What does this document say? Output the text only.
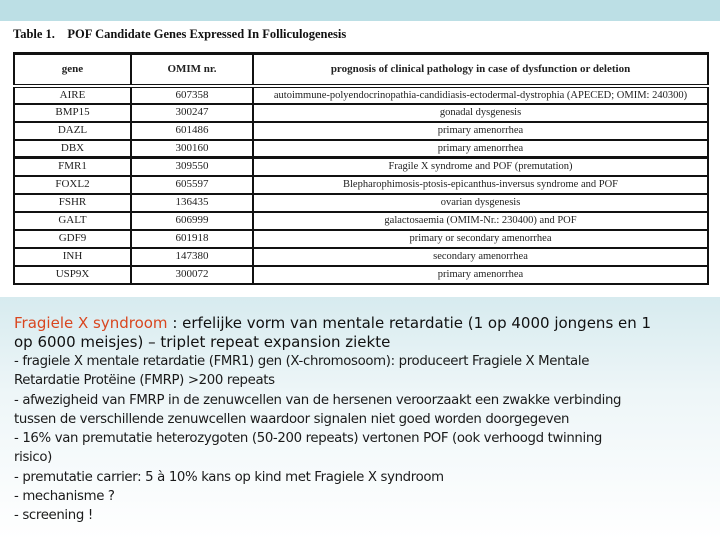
Table 1.    POF Candidate Genes Expressed In Folliculogenesis
gene	OMIM nr.	prognosis of clinical pathology in case of dysfunction or deletion
AIRE	607358	autoimmune-polyendocrinopathia-candidiasis-ectodermal-dystrophia (APECED; OMIM: 240300)
BMP15	300247	gonadal dysgenesis
DAZL	601486	primary amenorrhea
DBX	300160	primary amenorrhea
FMR1	309550	Fragile X syndrome and POF (premutation)
FOXL2	605597	Blepharophimosis-ptosis-epicanthus-inversus syndrome and POF
FSHR	136435	ovarian dysgenesis
GALT	606999	galactosaemia (OMIM-Nr.: 230400) and POF
GDF9	601918	primary or secondary amenorrhea
INH	147380	secondary amenorrhea
USP9X	300072	primary amenorrhea
Fragiele X syndroom : erfelijke vorm van mentale retardatie (1 op 4000 jongens en 1
op 6000 meisjes) – triplet repeat expansion ziekte
- fragiele X mentale retardatie (FMR1) gen (X-chromosoom): produceert Fragiele X Mentale
Retardatie Protëine (FMRP) >200 repeats
- afwezigheid van FMRP in de zenuwcellen van de hersenen veroorzaakt een zwakke verbinding
tussen de verschillende zenuwcellen waardoor signalen niet goed worden doorgegeven
- 16% van premutatie heterozygoten (50-200 repeats) vertonen POF (ook verhoogd twinning
risico)
- premutatie carrier: 5 à 10% kans op kind met Fragiele X syndroom
- mechanisme ?
- screening !
